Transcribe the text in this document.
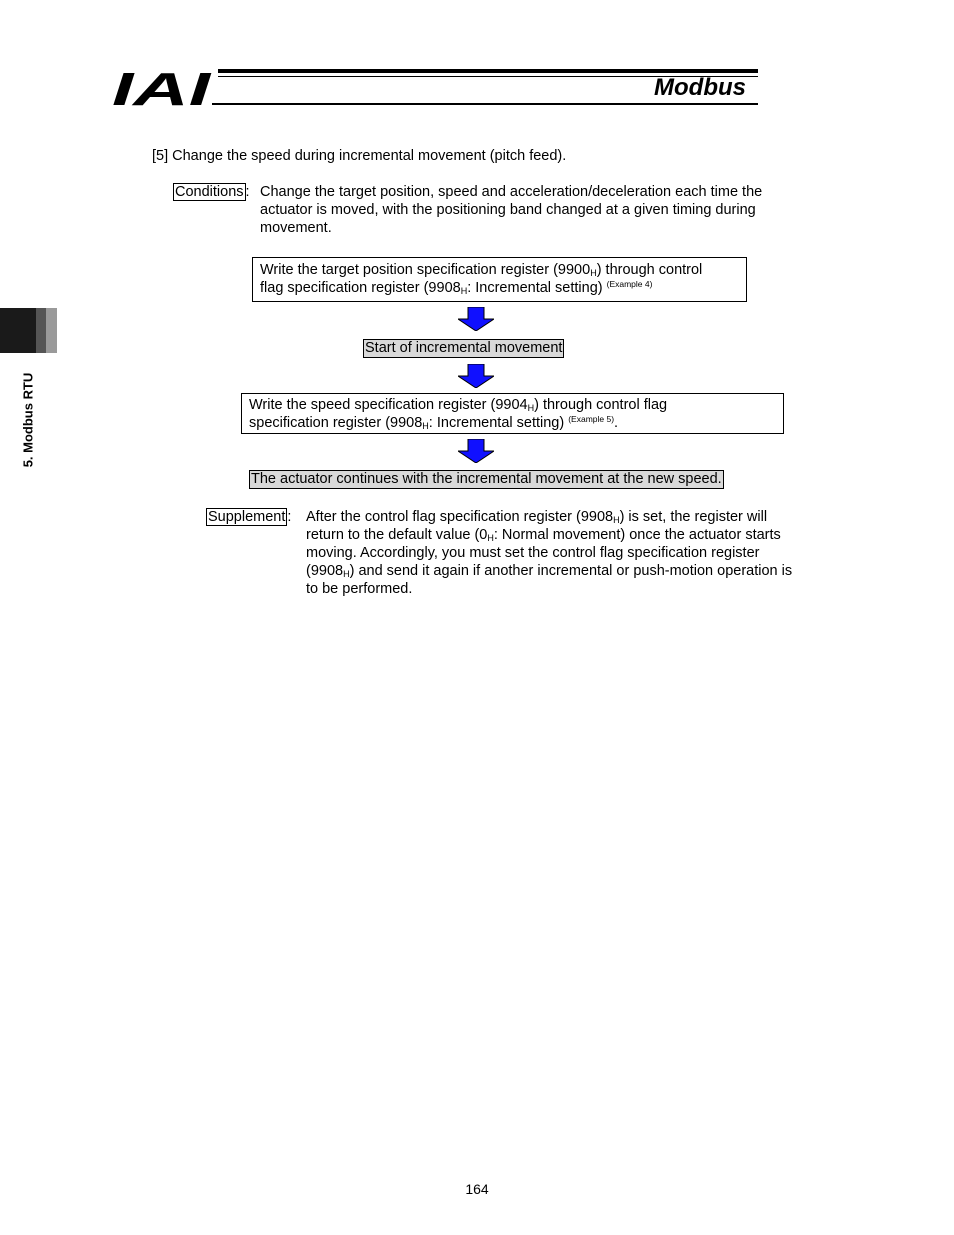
IAI	Modbus
5. Modbus RTU
[5] Change the speed during incremental movement (pitch feed).
Conditions : Change the target position, speed and acceleration/deceleration each time the
actuator is moved, with the positioning band changed at a given timing during
movement.
Write the target position specification register $(9900_H)$ through control
flag specification register ($9908_H$: Incremental setting) $^{(Example 4)}$
Start of incremental movement
Write the speed specification register $(9904_H)$ through control flag
specification register ($9908_H$: Incremental setting) $^{(Example 5)}$.
The actuator continues with the incremental movement at the new speed.
Supplement : After the control flag specification register $(9908_H)$ is set, the register will
return to the default value ($0_H$: Normal movement) once the actuator starts
moving. Accordingly, you must set the control flag specification register
$(9908_H)$ and send it again if another incremental or push-motion operation is
to be performed.
164
